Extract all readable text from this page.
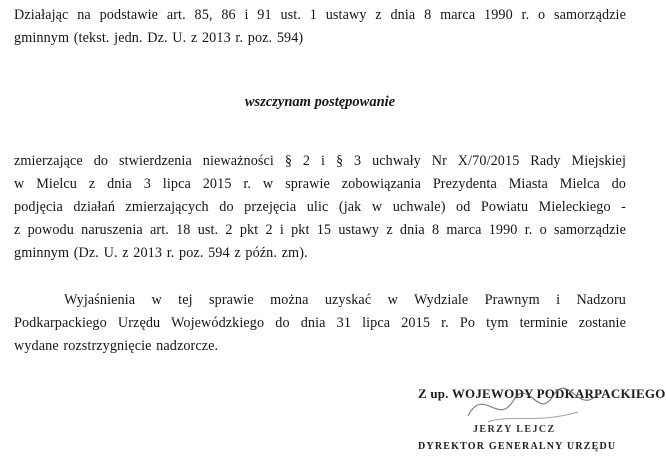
Działając na podstawie art. 85, 86 i 91 ust. 1 ustawy z dnia 8 marca 1990 r. o samorządzie
gminnym (tekst. jedn. Dz. U. z 2013 r. poz. 594)

wszczynam postępowanie

zmierzające do stwierdzenia nieważności § 2 i § 3 uchwały Nr X/70/2015 Rady Miejskiej
w Mielcu z dnia 3 lipca 2015 r. w sprawie zobowiązania Prezydenta Miasta Mielca do
podjęcia działań zmierzających do przejęcia ulic (jak w uchwale) od Powiatu Mieleckiego -
z powodu naruszenia art. 18 ust. 2 pkt 2 i pkt 15 ustawy z dnia 8 marca 1990 r. o samorządzie
gminnym (Dz. U. z 2013 r. poz. 594 z późn. zm).

Wyjaśnienia w tej sprawie można uzyskać w Wydziale Prawnym i Nadzoru
Podkarpackiego Urzędu Wojewódzkiego do dnia 31 lipca 2015 r. Po tym terminie zostanie
wydane rozstrzygnięcie nadzorcze.

Z up. WOJEWODY PODKARPACKIEGO
JERZY LEJCZ
DYREKTOR GENERALNY URZĘDU
